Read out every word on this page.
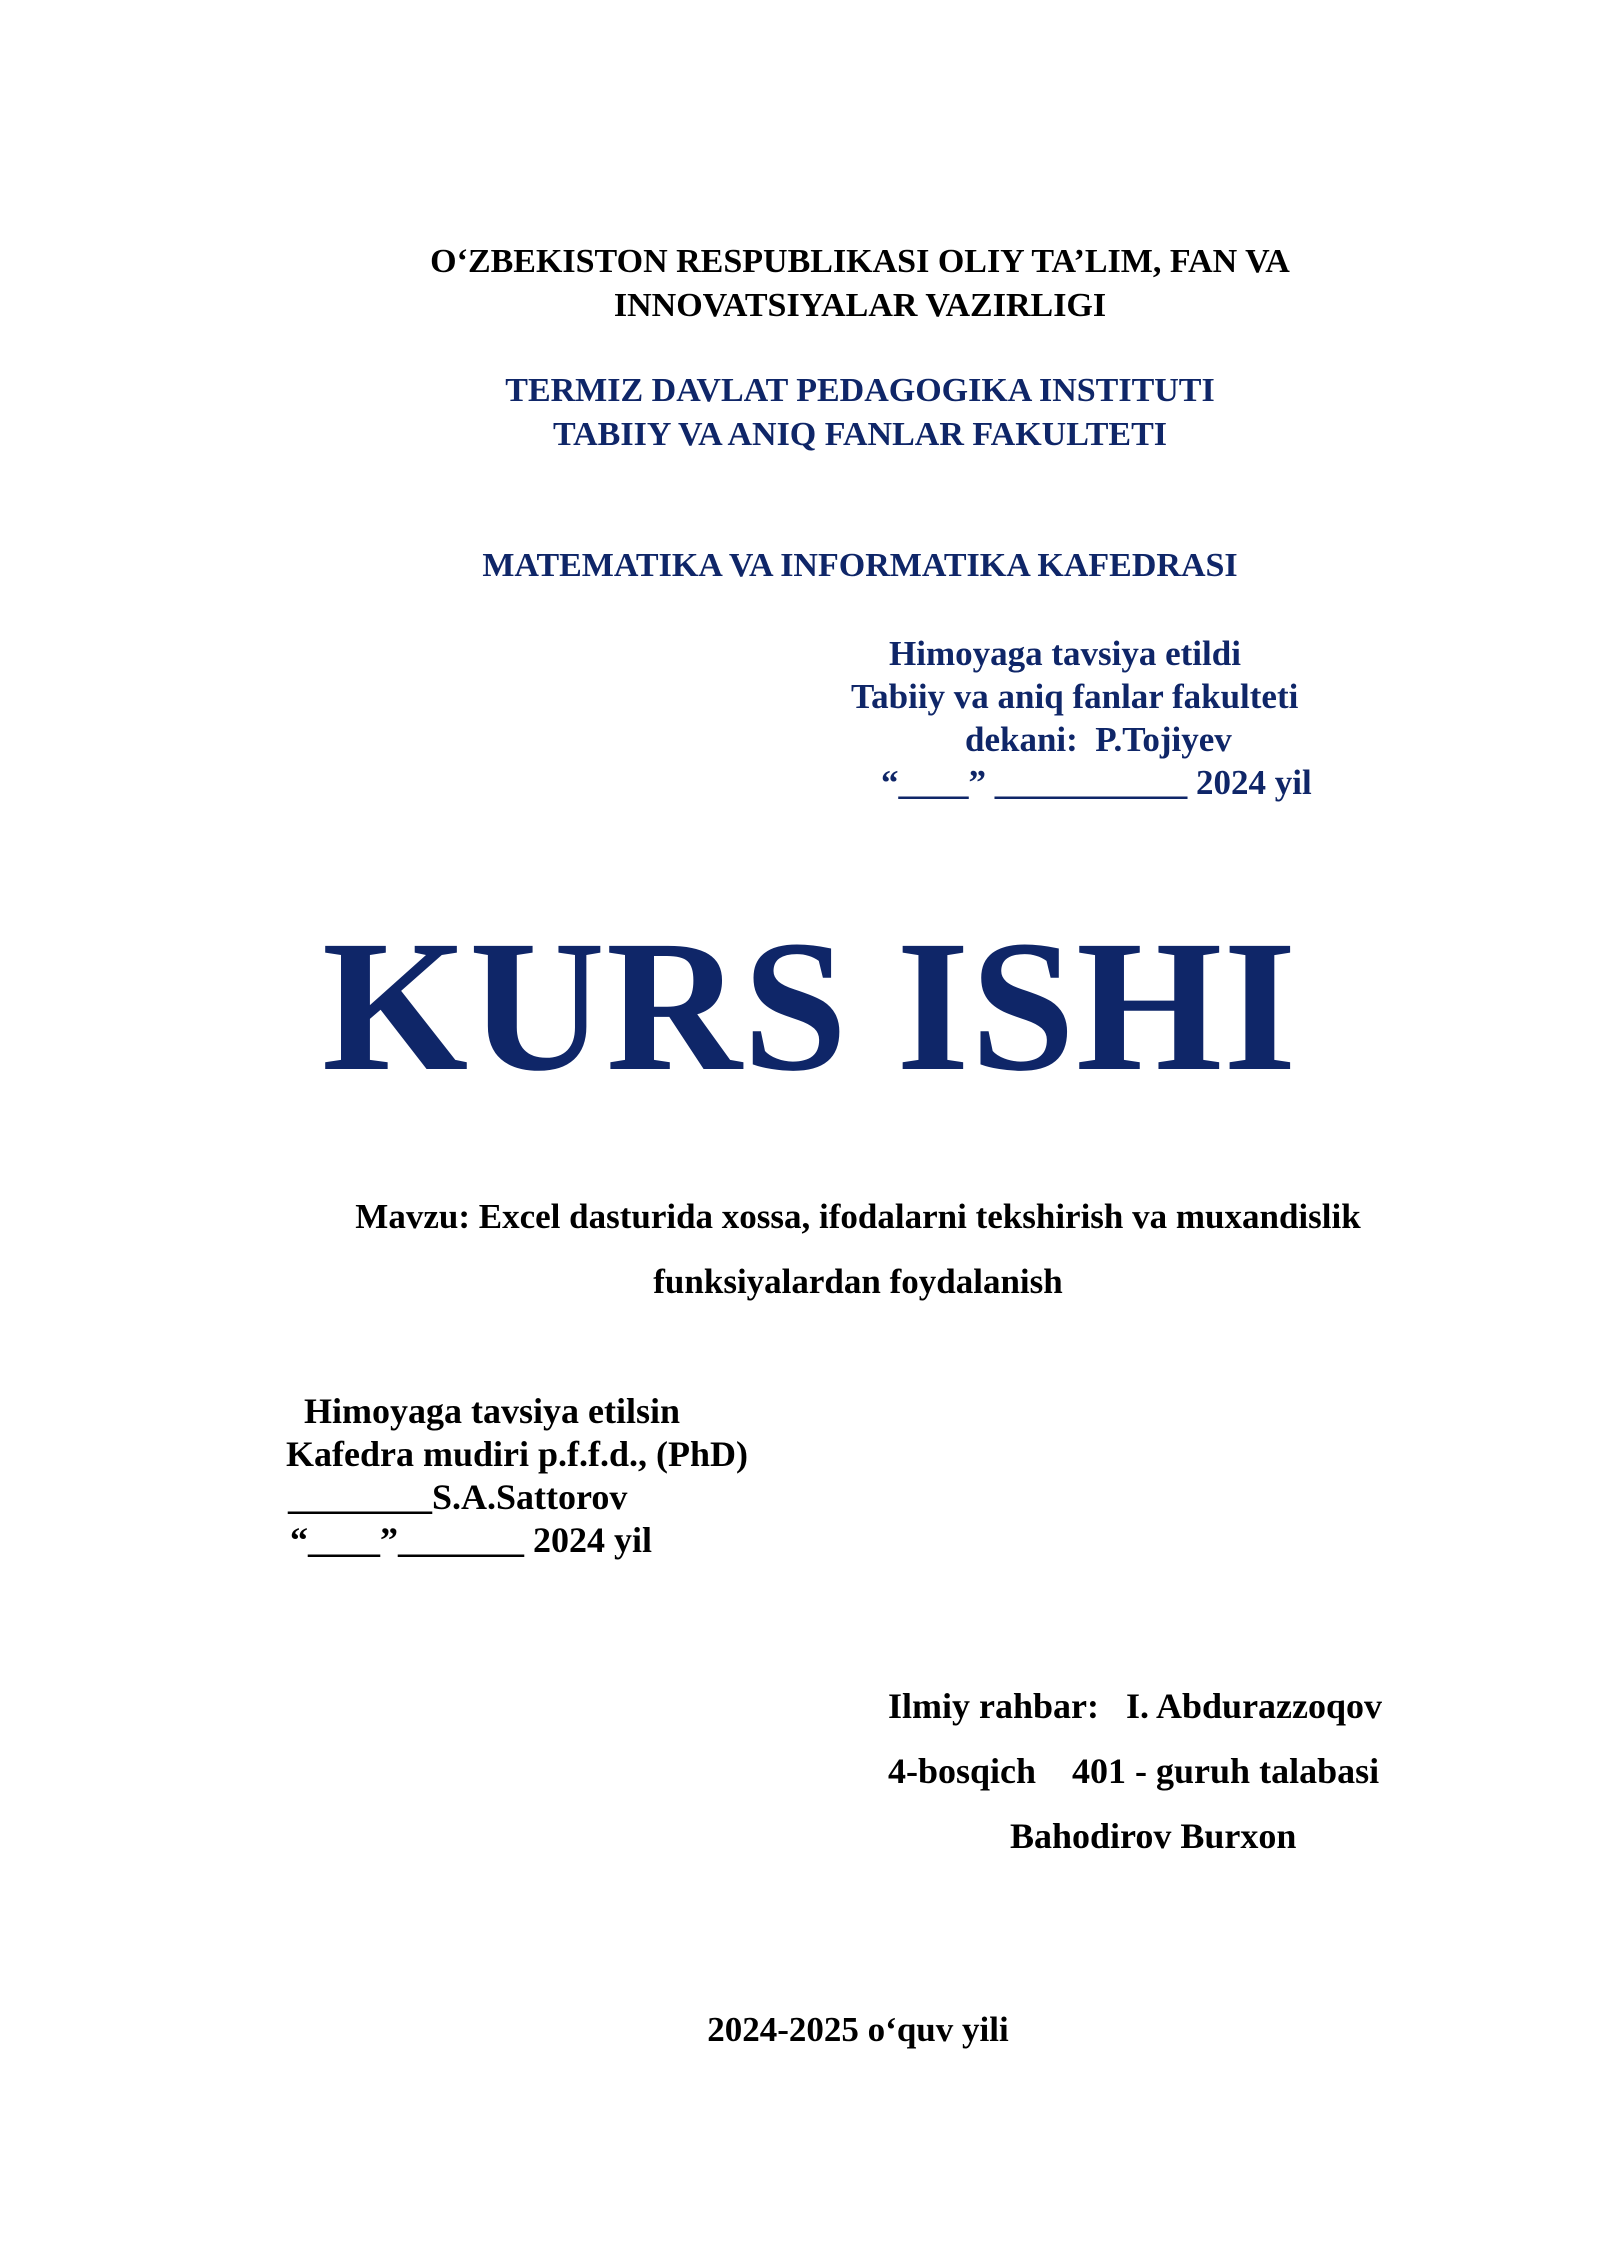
O‘ZBEKISTON RESPUBLIKASI OLIY TA’LIM, FAN VA
INNOVATSIYALAR VAZIRLIGI
TERMIZ DAVLAT PEDAGOGIKA INSTITUTI
TABIIY VA ANIQ FANLAR FAKULTETI
MATEMATIKA VA INFORMATIKA KAFEDRASI
Himoyaga tavsiya etildi
Tabiiy va aniq fanlar fakulteti
dekani:  P.Tojiyev
“____” ___________ 2024 yil
KURS ISHI
Mavzu: Excel dasturida xossa, ifodalarni tekshirish va muxandislik
funksiyalardan foydalanish
Himoyaga tavsiya etilsin
Kafedra mudiri p.f.f.d., (PhD)
________S.A.Sattorov
“____”_______ 2024 yil
Ilmiy rahbar:   I. Abdurazzoqov
4-bosqich    401 - guruh talabasi
Bahodirov Burxon
2024-2025 o‘quv yili
